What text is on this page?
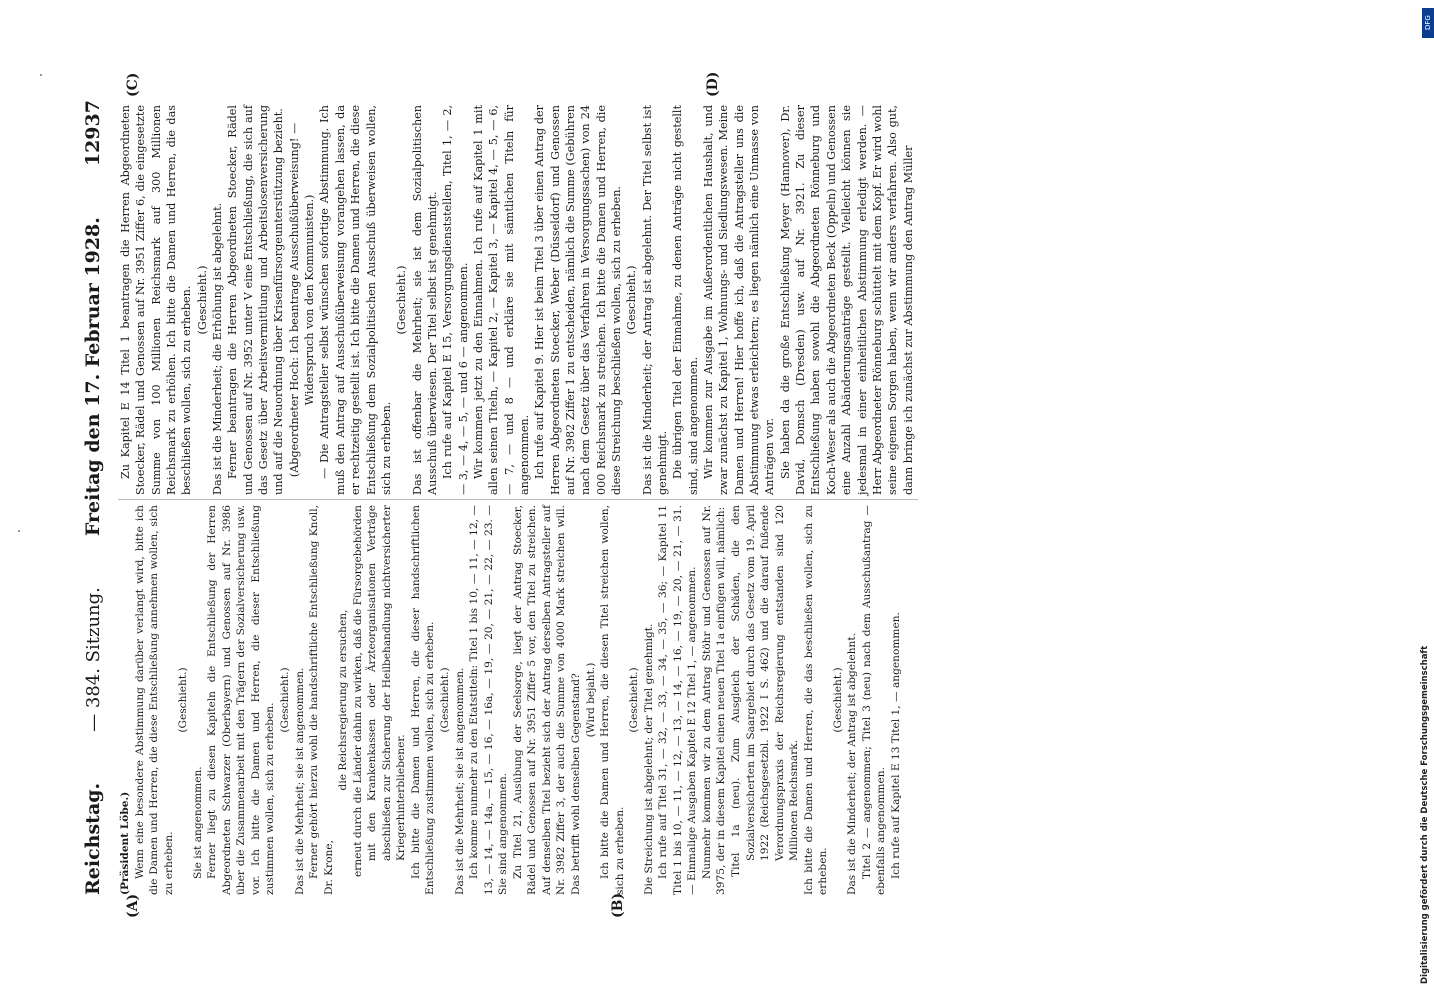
Reichstag.
— 384. Sitzung.
Freitag den 17. Februar 1928.
12937
(A)	(B)
(C)	(D)

(Präsident Löbe.) Wenn eine besondere Abstimmung darüber verlangt wird, bitte ich die Damen und Herren, die diese Entschließung annehmen wollen, sich zu erheben.

(Geschieht.)

Sie ist angenommen. Ferner liegt zu diesen Kapiteln die Entschließung der Herren Abgeordneten Schwarzer (Oberbayern) und Genossen auf Nr. 3986 über die Zusammenarbeit mit den Trägern der Sozialversicherung usw. vor. Ich bitte die Damen und Herren, die dieser Entschließung zustimmen wollen, sich zu erheben.

(Geschieht.) Das ist die Mehrheit; sie ist angenommen. Ferner gehört hierzu wohl die handschriftliche Entschließung Knoll, Dr. Krone,

die Reichsregierung zu ersuchen, erneut durch die Länder dahin zu wirken, daß die Fürsorgebehörden mit den Krankenkassen oder Ärzteorganisationen Verträge abschließen zur Sicherung der Heilbehandlung nichtversicherter Kriegerhinterbliebener. Ich bitte die Damen und Herren, die dieser handschriftlichen Entschließung zustimmen wollen, sich zu erheben. (Geschieht.) Das ist die Mehrheit; sie ist angenommen. Ich komme nunmehr zu den Etatstiteln: Titel 1 bis 10, — 11, — 12, — 13, — 14, — 14a, — 15, — 16, — 16a, — 19, — 20, — 21, — 22, — 23. — Sie sind angenommen. Zu Titel 21, Ausübung der Seelsorge, liegt der Antrag Stoecker, Rädel und Genossen auf Nr. 3951 Ziffer 5 vor, den Titel zu streichen. Auf denselben Titel bezieht sich der Antrag derselben Antragsteller auf Nr. 3982 Ziffer 3, der auch die Summe von 4000 Mark streichen will. Das betrifft wohl denselben Gegenstand? (Wird bejaht.) Ich bitte die Damen und Herren, die diesen Titel streichen wollen, sich zu erheben.

(Geschieht.) Die Streichung ist abgelehnt; der Titel genehmigt. Ich rufe auf Titel 31, — 32, — 33, — 34, — 35, — 36; — Kapitel 11 Titel 1 bis 10, — 11, — 12, — 13, — 14, — 16, — 19, — 20, — 21, — 31. — Einmalige Ausgaben Kapitel E 12 Titel 1, — angenommen. Nunmehr kommen wir zu dem Antrag Stöhr und Genossen auf Nr. 3975, der in diesem Kapitel einen neuen Titel 1a einfügen will, nämlich: Titel 1a (neu). Zum Ausgleich der Schäden, die den Sozialversicherten im Saargebiet durch das Gesetz vom 19. April 1922 (Reichsgesetzbl. 1922 I S. 462) und die darauf fußende Verordnungspraxis der Reichsregierung entstanden sind 120 Millionen Reichsmark. Ich bitte die Damen und Herren, die das beschließen wollen, sich zu erheben.

(Geschieht.) Das ist die Minderheit; der Antrag ist abgelehnt. Titel 2 — angenommen; Titel 3 (neu) nach dem Ausschußantrag — ebenfalls angenommen. Ich rufe auf Kapitel E 13 Titel 1, — angenommen.

Zu Kapitel E 14 Titel 1 beantragen die Herren Abgeordneten Stoecker, Rädel und Genossen auf Nr. 3951 Ziffer 6, die eingesetzte Summe von 100 Millionen Reichsmark auf 300 Millionen Reichsmark zu erhöhen. Ich bitte die Damen und Herren, die das beschließen wollen, sich zu erheben. (Geschieht.) Das ist die Minderheit; die Erhöhung ist abgelehnt. Ferner beantragen die Herren Abgeordneten Stoecker, Rädel und Genossen auf Nr. 3952 unter V eine Entschließung, die sich auf das Gesetz über Arbeitsvermittlung und Arbeitslosenversicherung und auf die Neuordnung über Krisenfürsorgeunterstützung bezieht. (Abgeordneter Hoch: Ich beantrage Ausschußüberweisung! — Widerspruch von den Kommunisten.) — Die Antragsteller selbst wünschen sofortige Abstimmung. Ich muß den Antrag auf Ausschußüberweisung vorangehen lassen, da er rechtzeitig gestellt ist. Ich bitte die Damen und Herren, die diese Entschließung dem Sozialpolitischen Ausschuß überweisen wollen, sich zu erheben.

(Geschieht.) Das ist offenbar die Mehrheit; sie ist dem Sozialpolitischen Ausschuß überwiesen. Der Titel selbst ist genehmigt. Ich rufe auf Kapitel E 15, Versorgungsdienststellen, Titel 1, — 2, — 3, — 4, — 5, — und 6 — angenommen. Wir kommen jetzt zu den Einnahmen. Ich rufe auf Kapitel 1 mit allen seinen Titeln, — Kapitel 2, — Kapitel 3, — Kapitel 4, — 5, — 6, — 7, — und 8 — und erkläre sie mit sämtlichen Titeln für angenommen. Ich rufe auf Kapitel 9. Hier ist beim Titel 3 über einen Antrag der Herren Abgeordneten Stoecker, Weber (Düsseldorf) und Genossen auf Nr. 3982 Ziffer 1 zu entscheiden, nämlich die Summe (Gebühren nach dem Gesetz über das Verfahren in Versorgungssachen) von 24 000 Reichsmark zu streichen. Ich bitte die Damen und Herren, die diese Streichung beschließen wollen, sich zu erheben. (Geschieht.) Das ist die Minderheit; der Antrag ist abgelehnt. Der Titel selbst ist genehmigt. Die übrigen Titel der Einnahme, zu denen Anträge nicht gestellt sind, sind angenommen. Wir kommen zur Ausgabe im Außerordentlichen Haushalt, und zwar zunächst zu Kapitel 1, Wohnungs- und Siedlungswesen. Meine Damen und Herren! Hier hoffe ich, daß die Antragsteller uns die Abstimmung etwas erleichtern; es liegen nämlich eine Unmasse von Anträgen vor. Sie haben da die große Entschließung Meyer (Hannover), Dr. David, Domsch (Dresden) usw. auf Nr. 3921. Zu dieser Entschließung haben sowohl die Abgeordneten Rönneburg und Koch-Weser als auch die Abgeordneten Beck (Oppeln) und Genossen eine Anzahl Abänderungsanträge gestellt. Vielleicht können sie jedesmal in einer einheitlichen Abstimmung erledigt werden. — Herr Abgeordneter Rönneburg schüttelt mit dem Kopf. Er wird wohl seine eigenen Sorgen haben, wenn wir anders verfahren. Also gut, dann bringe ich zunächst zur Abstimmung den Antrag Müller

DFG
Digitalisierung gefördert durch die Deutsche Forschungsgemeinschaft
